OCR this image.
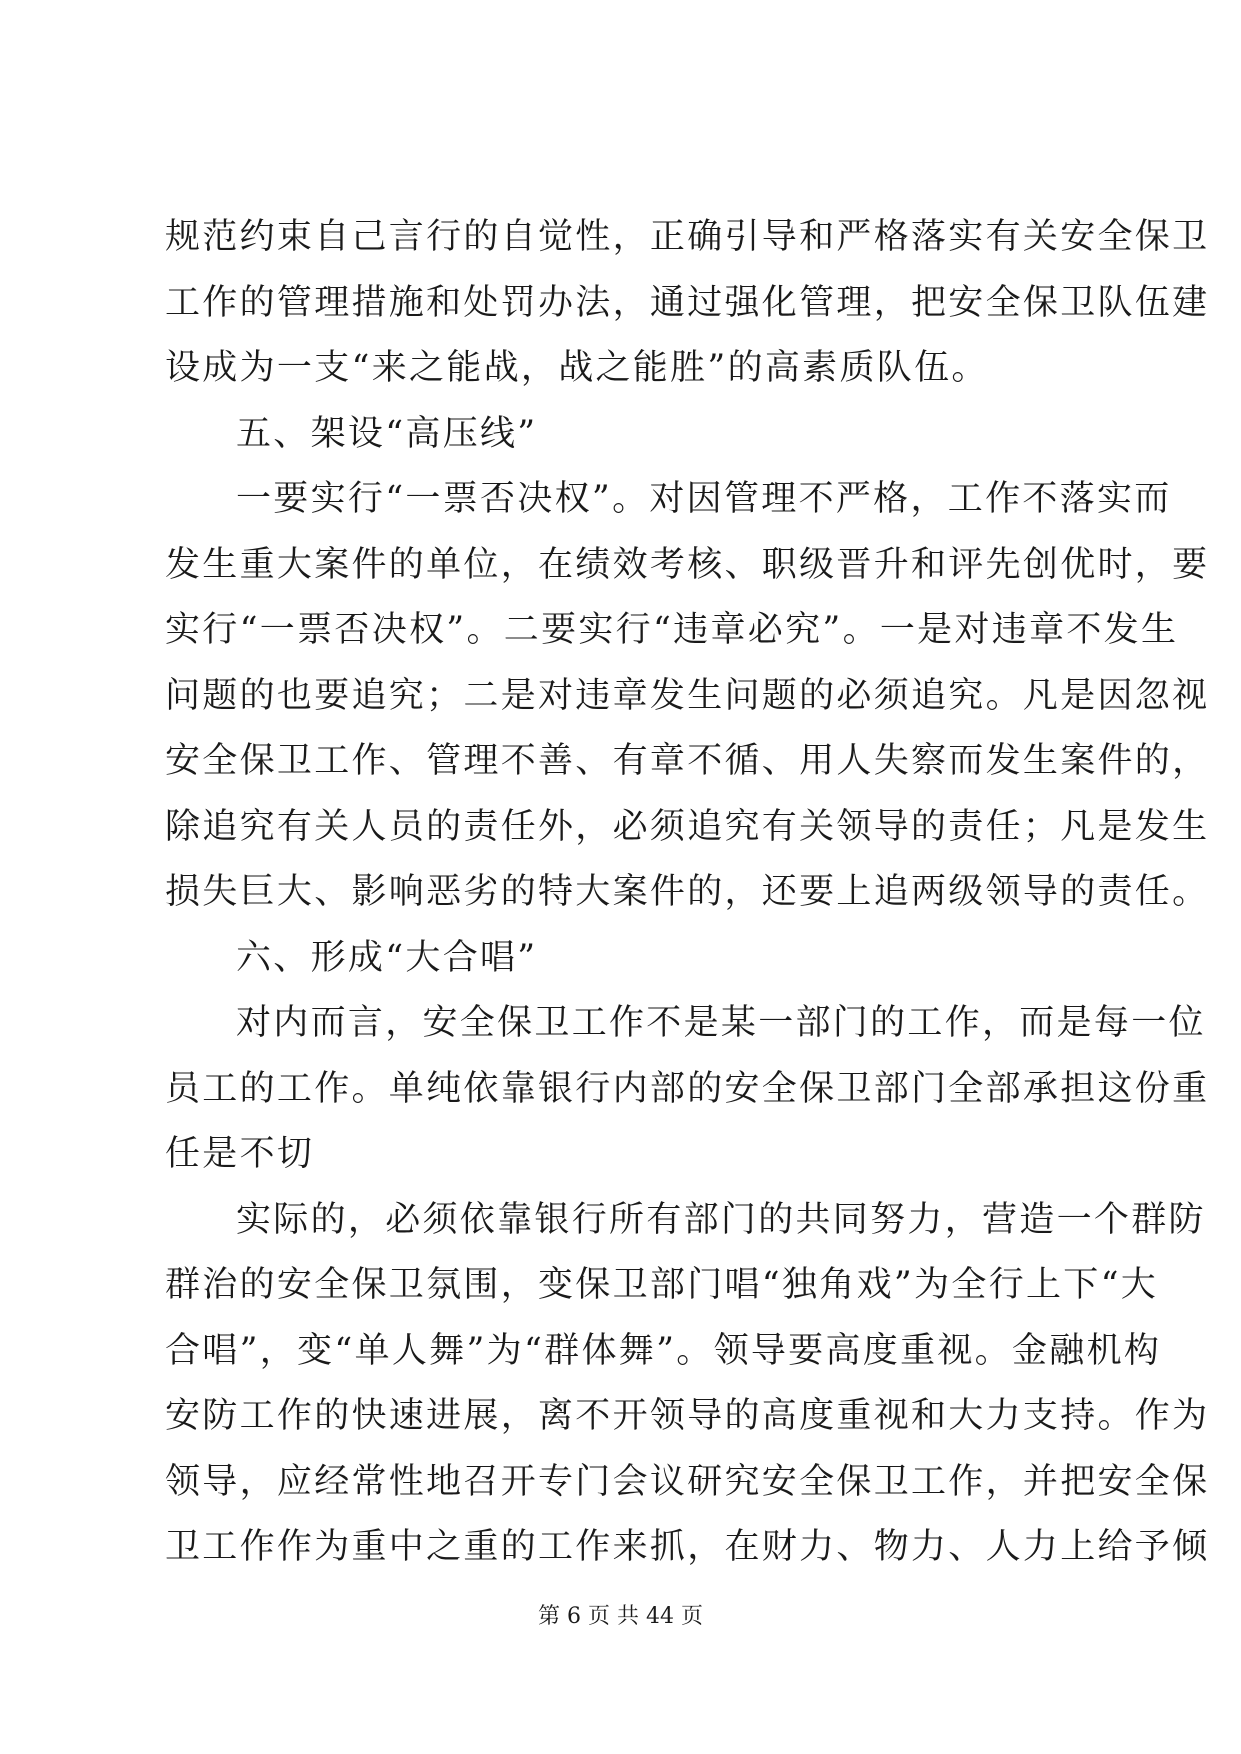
规范约束自己言行的自觉性，正确引导和严格落实有关安全保卫
工作的管理措施和处罚办法，通过强化管理，把安全保卫队伍建
设成为一支“来之能战，战之能胜”的高素质队伍。
五、架设“高压线”
一要实行“一票否决权”。对因管理不严格，工作不落实而
发生重大案件的单位，在绩效考核、职级晋升和评先创优时，要
实行“一票否决权”。二要实行“违章必究”。一是对违章不发生
问题的也要追究；二是对违章发生问题的必须追究。凡是因忽视
安全保卫工作、管理不善、有章不循、用人失察而发生案件的，
除追究有关人员的责任外，必须追究有关领导的责任；凡是发生
损失巨大、影响恶劣的特大案件的，还要上追两级领导的责任。
六、形成“大合唱”
对内而言，安全保卫工作不是某一部门的工作，而是每一位
员工的工作。单纯依靠银行内部的安全保卫部门全部承担这份重
任是不切
实际的，必须依靠银行所有部门的共同努力，营造一个群防
群治的安全保卫氛围，变保卫部门唱“独角戏”为全行上下“大
合唱”，变“单人舞”为“群体舞”。领导要高度重视。金融机构
安防工作的快速进展，离不开领导的高度重视和大力支持。作为
领导，应经常性地召开专门会议研究安全保卫工作，并把安全保
卫工作作为重中之重的工作来抓，在财力、物力、人力上给予倾
第 6 页 共 44 页
